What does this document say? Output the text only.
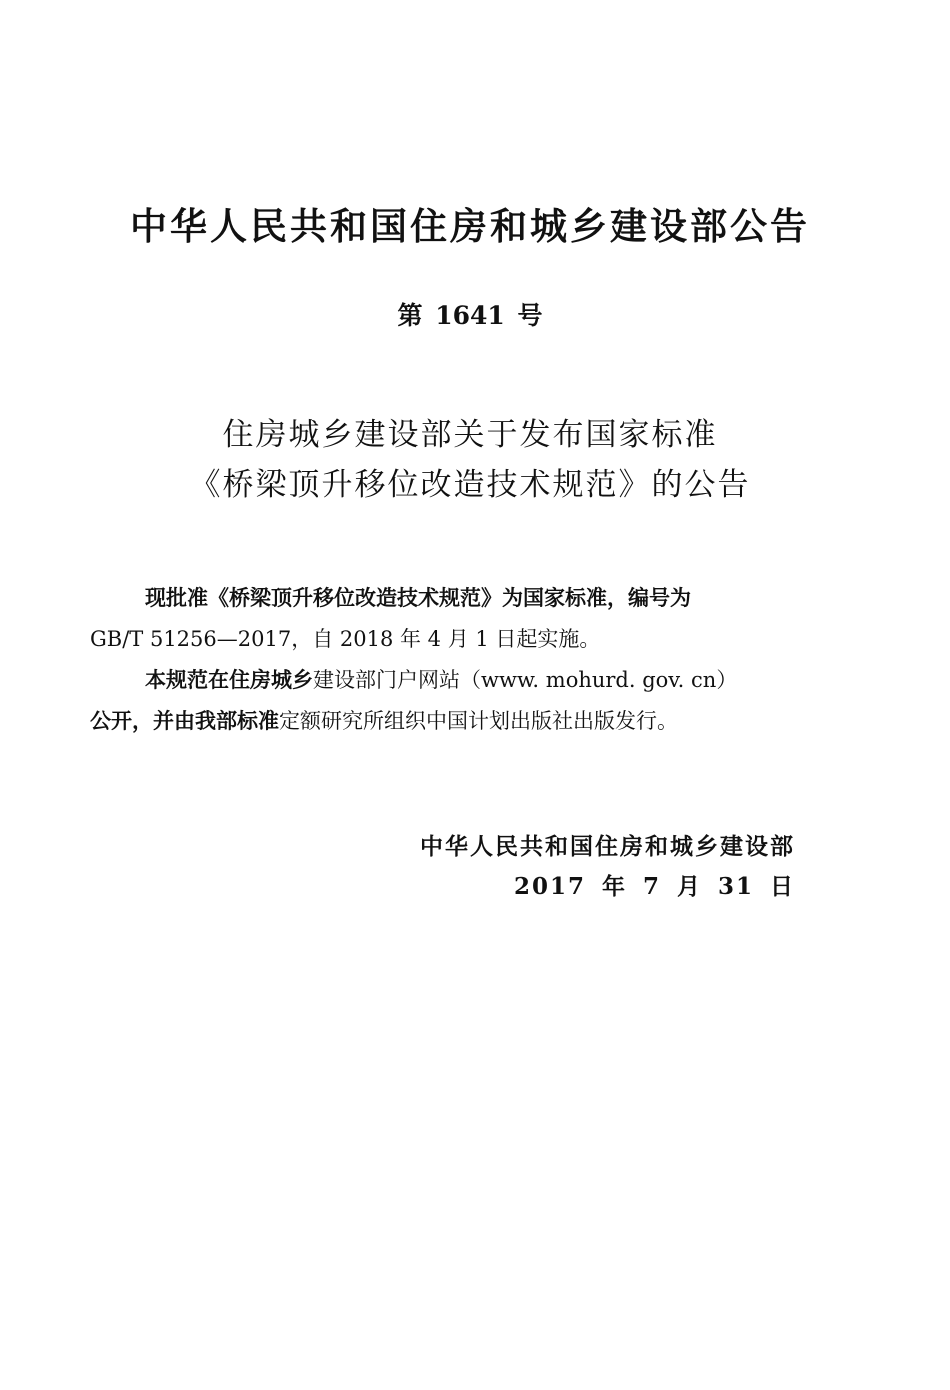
中华人民共和国住房和城乡建设部公告
第 1641 号
住房城乡建设部关于发布国家标准
《桥梁顶升移位改造技术规范》的公告
现批准《桥梁顶升移位改造技术规范》为国家标准，编号为
GB/T 51256—2017，自 2018 年 4 月 1 日起实施。
本规范在住房城乡建设部门户网站（www. mohurd. gov. cn）
公开，并由我部标准定额研究所组织中国计划出版社出版发行。
中华人民共和国住房和城乡建设部
2017 年 7 月 31 日
